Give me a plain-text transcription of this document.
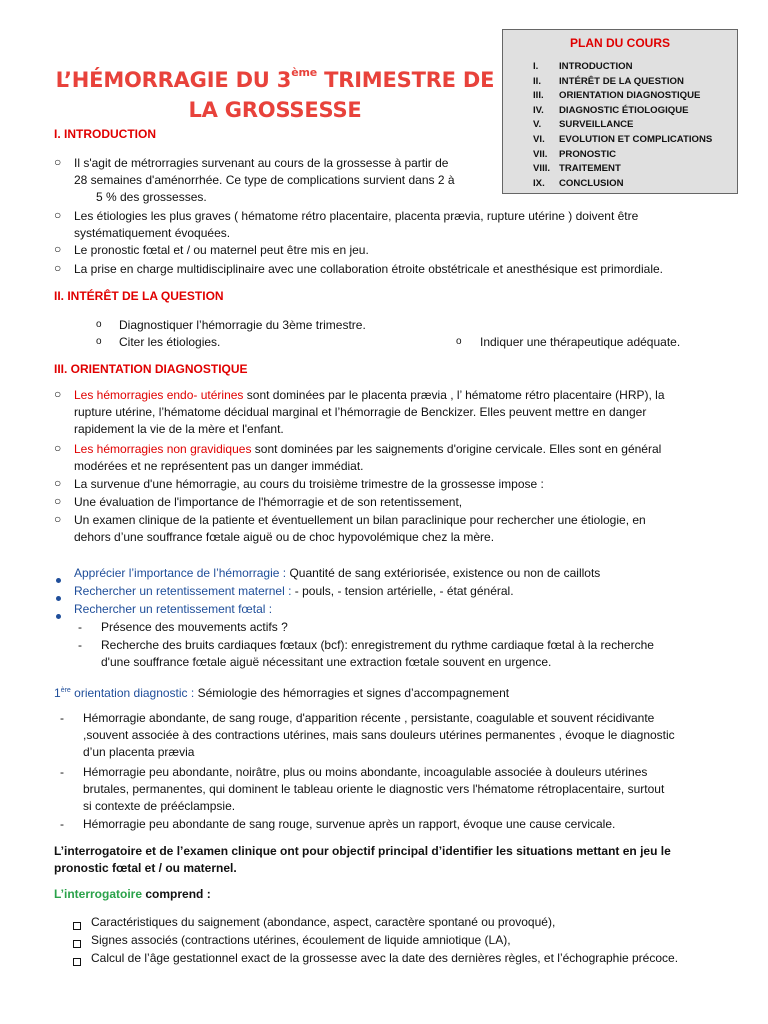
L’HÉMORRAGIE DU 3ème TRIMESTRE DE
LA GROSSESSE
PLAN DU COURS
I.	INTRODUCTION
II.	INTÉRÊT DE LA QUESTION
III.	ORIENTATION DIAGNOSTIQUE
IV.	DIAGNOSTIC ÉTIOLOGIQUE
V.	SURVEILLANCE
VI.	EVOLUTION ET COMPLICATIONS
VII.	PRONOSTIC
VIII. TRAITEMENT
IX.	CONCLUSION
I. INTRODUCTION
○ Il s'agit de métrorragies survenant au cours de la grossesse à partir de
28 semaines d'aménorrhée. Ce type de complications survient dans 2 à
5 % des grossesses.
○ Les étiologies les plus graves ( hématome rétro placentaire, placenta prævia, rupture utérine ) doivent être
systématiquement évoquées.
○ Le pronostic fœtal et / ou maternel peut être mis en jeu.
○ La prise en charge multidisciplinaire avec une collaboration étroite obstétricale et anesthésique est primordiale.
II. INTÉRÊT DE LA QUESTION
o Diagnostiquer l’hémorragie du 3ème trimestre.
o Citer les étiologies.	o Indiquer une thérapeutique adéquate.
III. ORIENTATION DIAGNOSTIQUE
○ Les hémorragies endo- utérines sont dominées par le placenta prævia , l’ hématome rétro placentaire (HRP), la
rupture utérine, l’hématome décidual marginal et l’hémorragie de Benckizer. Elles peuvent mettre en danger
rapidement la vie de la mère et l'enfant.
○ Les hémorragies non gravidiques sont dominées par les saignements d'origine cervicale. Elles sont en général
modérées et ne représentent pas un danger immédiat.
○ La survenue d'une hémorragie, au cours du troisième trimestre de la grossesse impose :
○ Une évaluation de l'importance de l'hémorragie et de son retentissement,
○ Un examen clinique de la patiente et éventuellement un bilan paraclinique pour rechercher une étiologie, en
dehors d’une souffrance fœtale aiguë ou de choc hypovolémique chez la mère.
Apprécier l’importance de l’hémorragie : Quantité de sang extériorisée, existence ou non de caillots
Rechercher un retentissement maternel : - pouls, - tension artérielle, - état général.
Rechercher un retentissement fœtal :
- Présence des mouvements actifs ?
- Recherche des bruits cardiaques fœtaux (bcf): enregistrement du rythme cardiaque fœtal à la recherche
d'une souffrance fœtale aiguë nécessitant une extraction fœtale souvent en urgence.
1ère orientation diagnostic : Sémiologie des hémorragies et signes d’accompagnement
- Hémorragie abondante, de sang rouge, d'apparition récente , persistante, coagulable et souvent récidivante
,souvent associée à des contractions utérines, mais sans douleurs utérines permanentes , évoque le diagnostic
d’un placenta prævia
- Hémorragie peu abondante, noirâtre, plus ou moins abondante, incoagulable associée à douleurs utérines
brutales, permanentes, qui dominent le tableau oriente le diagnostic vers l'hématome rétroplacentaire, surtout
si contexte de prééclampsie.
- Hémorragie peu abondante de sang rouge, survenue après un rapport, évoque une cause cervicale.
L’interrogatoire et de l’examen clinique ont pour objectif principal d’identifier les situations mettant en jeu le
pronostic fœtal et / ou maternel.
L’interrogatoire comprend :
Caractéristiques du saignement (abondance, aspect, caractère spontané ou provoqué),
Signes associés (contractions utérines, écoulement de liquide amniotique (LA),
Calcul de l’âge gestationnel exact de la grossesse avec la date des dernières règles, et l’échographie précoce.
